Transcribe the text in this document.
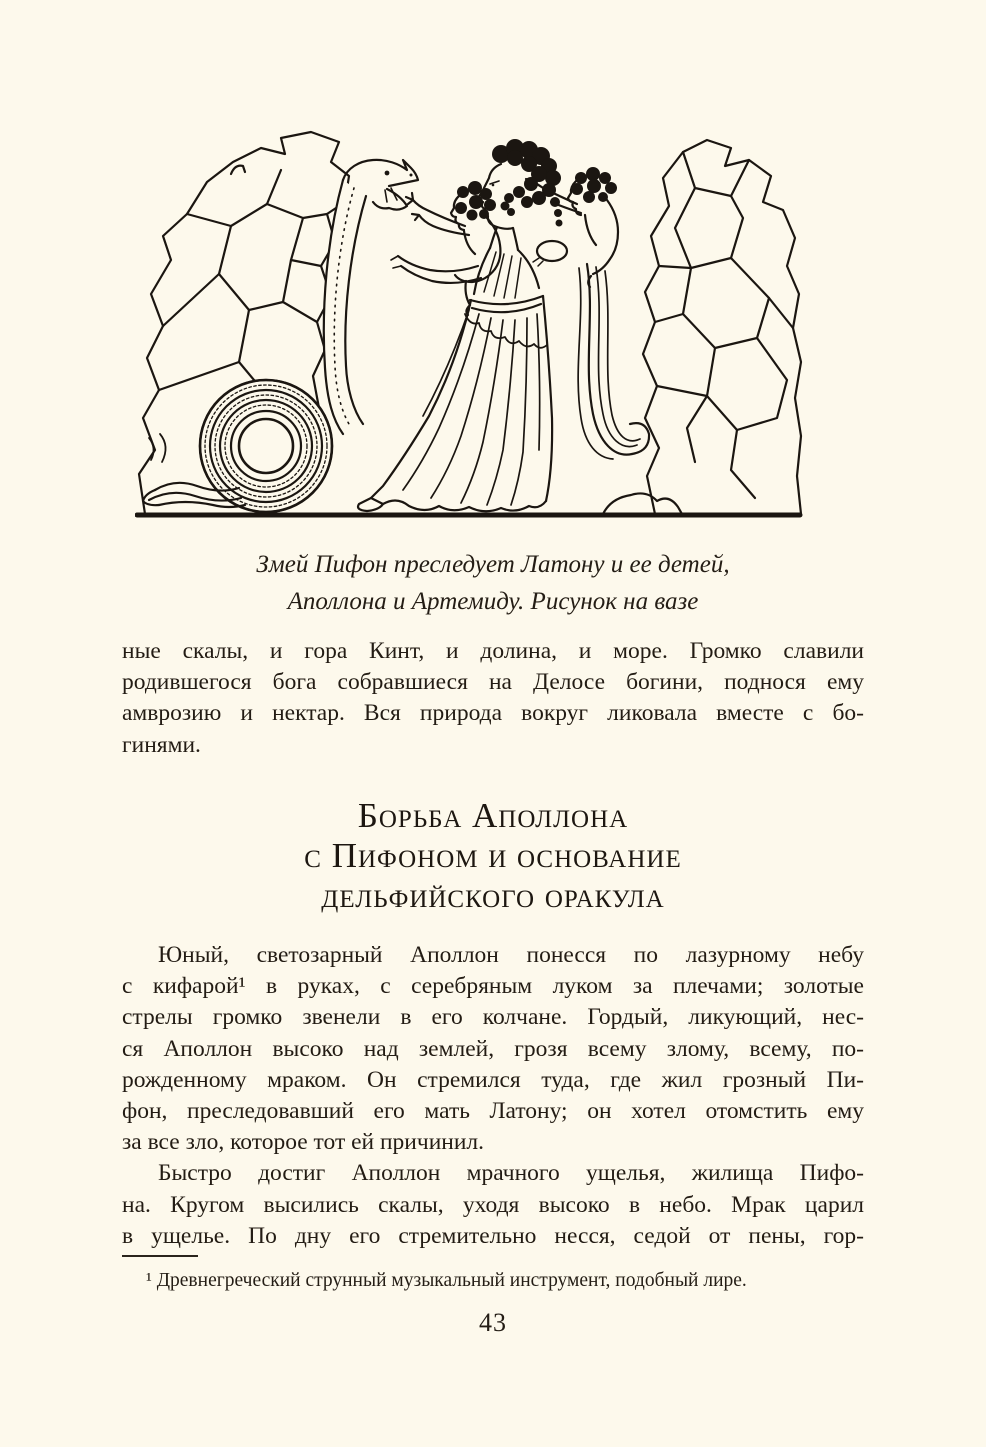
Змей Пифон преследует Латону и ее детей,
Аполлона и Артемиду. Рисунок на вазе
ные скалы, и гора Кинт, и долина, и море. Громко славили
родившегося бога собравшиеся на Делосе богини, поднося ему
амврозию и нектар. Вся природа вокруг ликовала вместе с бо-
гинями.
Борьба Аполлона
с Пифоном и основание
дельфийского оракула
Юный, светозарный Аполлон понесся по лазурному небу
с кифарой¹ в руках, с серебряным луком за плечами; золотые
стрелы громко звенели в его колчане. Гордый, ликующий, нес-
ся Аполлон высоко над землей, грозя всему злому, всему, по-
рожденному мраком. Он стремился туда, где жил грозный Пи-
фон, преследовавший его мать Латону; он хотел отомстить ему
за все зло, которое тот ей причинил.
Быстро достиг Аполлон мрачного ущелья, жилища Пифо-
на. Кругом высились скалы, уходя высоко в небо. Мрак царил
в ущелье. По дну его стремительно несся, седой от пены, гор-
¹ Древнегреческий струнный музыкальный инструмент, подобный лире.
43
